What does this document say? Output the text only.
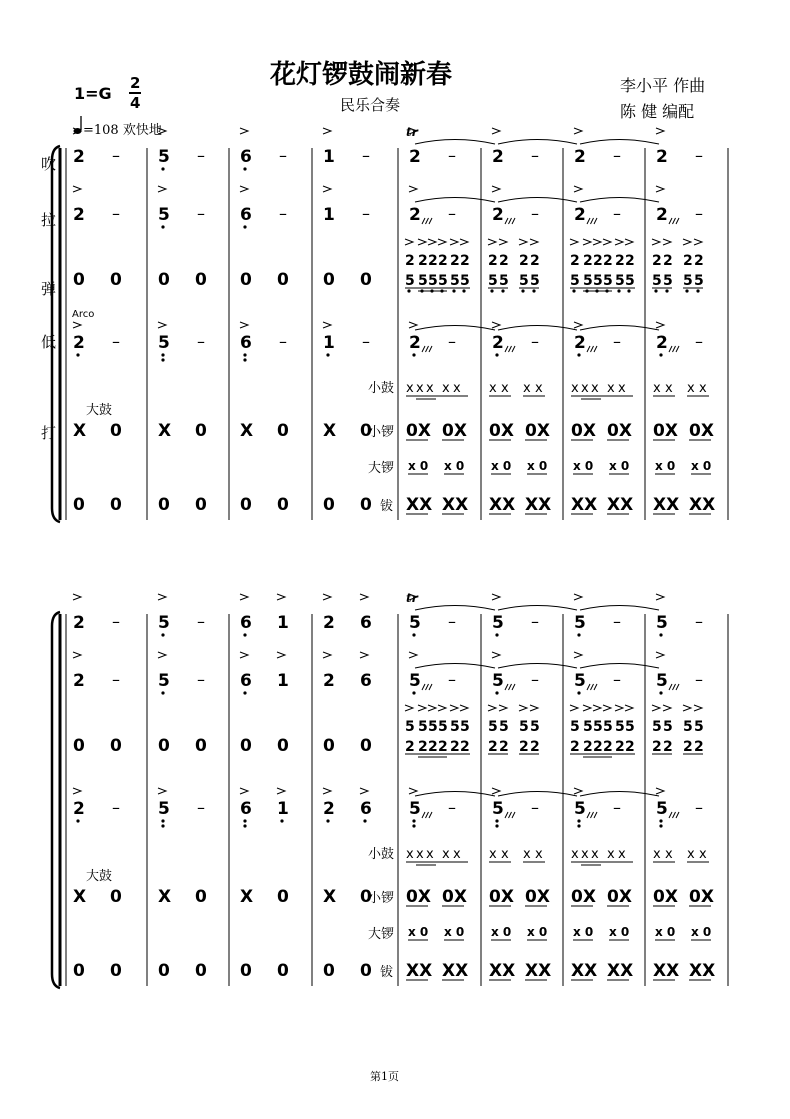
花灯锣鼓闹新春
民乐合奏
李小平 作曲
陈 健 编配
1=G
2
4
=108 欢快地
吹
拉
弹
低
打
2 – 5 – 6 – 1 – 2 – 2 – 2 – 2 –
tr
2 – 5 – 6 – 1 – 2 – 2 – 2 – 2 –
2 – 5 – 6 – 1 – 2 – 2 – 2 – 2 –
0 0 0 0 0 0 0 0
2
5
2
5
2
5
2
5
2
5
2
5
2
5
2
5
2
5
2
5
2
5
2
5
2
5
2
5
2
5
2
5
2
5
2
5
2
5
2
5
Arco
大鼓
小鼓
小锣
大锣
钹
X 0
0 0
X 0
0 0
X 0
0 0
X 0
0 0
x x x x x
0X 0X
x 0 x 0
XX XX
x x x x
0X 0X
x 0 x 0
XX XX
x x x x x
0X 0X
x 0 x 0
XX XX
x x x x
0X 0X
x 0 x 0
XX XX
2 – 5 – 6 1 2 6 5 – 5 – 5 – 5 –
tr
2 – 5 – 6 1 2 6 5 – 5 – 5 – 5 –
2 – 5 – 6 1 2 6 5 – 5 – 5 – 5 –
0 0 0 0 0 0 0 0
5
2
5
2
5
2
5
2
5
2
5
2
5
2
5
2
5
2
5
2
5
2
5
2
5
2
5
2
5
2
5
2
5
2
5
2
5
2
5
2
大鼓
小鼓
小锣
大锣
钹
X 0
0 0
X 0
0 0
X 0
0 0
X 0
0 0
x x x x x
0X 0X
x 0 x 0
XX XX
x x x x
0X 0X
x 0 x 0
XX XX
x x x x x
0X 0X
x 0 x 0
XX XX
x x x x
0X 0X
x 0 x 0
XX XX
第1页
